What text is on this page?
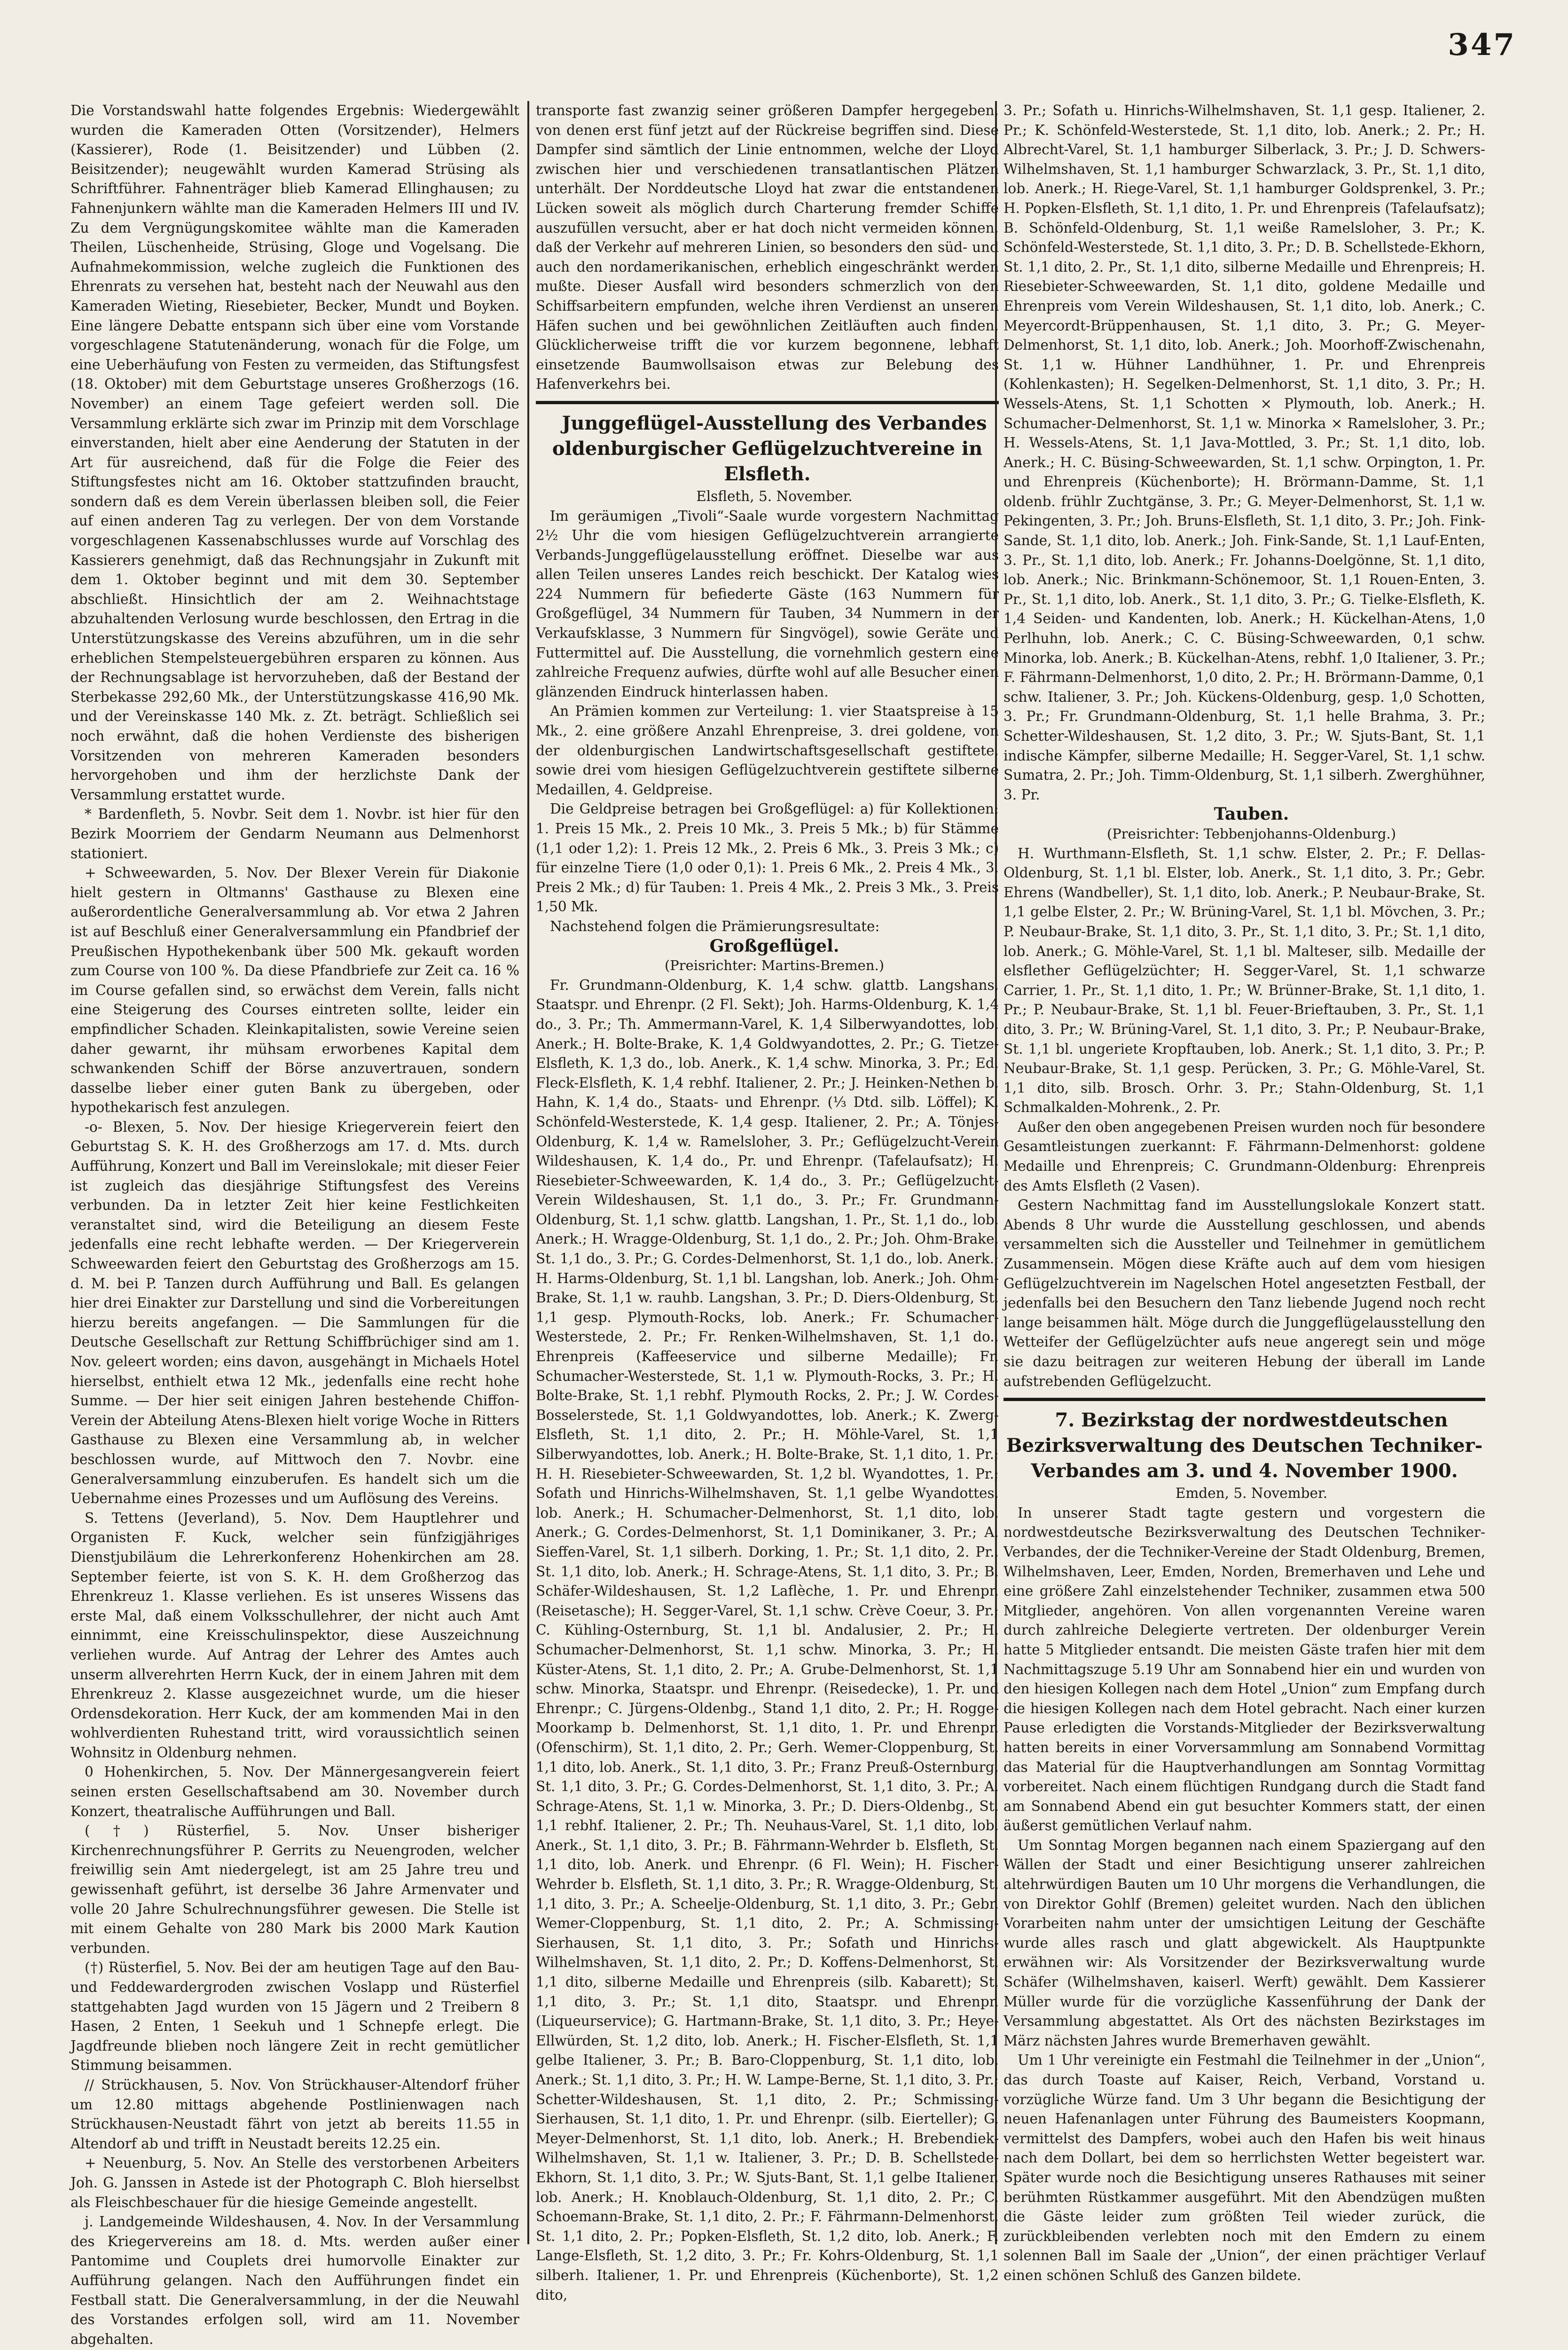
347

Die Vorstandswahl hatte folgendes Ergebnis: Wiedergewählt wurden die Kameraden Otten (Vorsitzender), Helmers (Kassierer), Rode (1. Beisitzender) und Lübben (2. Beisitzender); neugewählt wurden Kamerad Strüsing als Schriftführer. Fahnenträger blieb Kamerad Ellinghausen; zu Fahnenjunkern wählte man die Kameraden Helmers III und IV. Zu dem Vergnügungskomitee wählte man die Kameraden Theilen, Lüschenheide, Strüsing, Gloge und Vogelsang. Die Aufnahmekommission, welche zugleich die Funktionen des Ehrenrats zu versehen hat, besteht nach der Neuwahl aus den Kameraden Wieting, Riesebieter, Becker, Mundt und Boyken. Eine längere Debatte entspann sich über eine vom Vorstande vorgeschlagene Statutenänderung, wonach für die Folge, um eine Ueberhäufung von Festen zu vermeiden, das Stiftungsfest (18. Oktober) mit dem Geburtstage unseres Großherzogs (16. November) an einem Tage gefeiert werden soll. Die Versammlung erklärte sich zwar im Prinzip mit dem Vorschlage einverstanden, hielt aber eine Aenderung der Statuten in der Art für ausreichend, daß für die Folge die Feier des Stiftungsfestes nicht am 16. Oktober stattzufinden braucht, sondern daß es dem Verein überlassen bleiben soll, die Feier auf einen anderen Tag zu verlegen. Der von dem Vorstande vorgeschlagenen Kassenabschlusses wurde auf Vorschlag des Kassierers genehmigt, daß das Rechnungsjahr in Zukunft mit dem 1. Oktober beginnt und mit dem 30. September abschließt. Hinsichtlich der am 2. Weihnachtstage abzuhaltenden Verlosung wurde beschlossen, den Ertrag in die Unterstützungskasse des Vereins abzuführen, um in die sehr erheblichen Stempelsteuergebühren ersparen zu können. Aus der Rechnungsablage ist hervorzuheben, daß der Bestand der Sterbekasse 292,60 Mk., der Unterstützungskasse 416,90 Mk. und der Vereinskasse 140 Mk. z. Zt. beträgt. Schließlich sei noch erwähnt, daß die hohen Verdienste des bisherigen Vorsitzenden von mehreren Kameraden besonders hervorgehoben und ihm der herzlichste Dank der Versammlung erstattet wurde.

* Bardenfleth, 5. Novbr. Seit dem 1. Novbr. ist hier für den Bezirk Moorriem der Gendarm Neumann aus Delmenhorst stationiert.

+ Schweewarden, 5. Nov. Der Blexer Verein für Diakonie hielt gestern in Oltmanns' Gasthause zu Blexen eine außerordentliche Generalversammlung ab. Vor etwa 2 Jahren ist auf Beschluß einer Generalversammlung ein Pfandbrief der Preußischen Hypothekenbank über 500 Mk. gekauft worden zum Course von 100 %. Da diese Pfandbriefe zur Zeit ca. 16 % im Course gefallen sind, so erwächst dem Verein, falls nicht eine Steigerung des Courses eintreten sollte, leider ein empfindlicher Schaden. Kleinkapitalisten, sowie Vereine seien daher gewarnt, ihr mühsam erworbenes Kapital dem schwankenden Schiff der Börse anzuvertrauen, sondern dasselbe lieber einer guten Bank zu übergeben, oder hypothekarisch fest anzulegen.

-o- Blexen, 5. Nov. Der hiesige Kriegerverein feiert den Geburtstag S. K. H. des Großherzogs am 17. d. Mts. durch Aufführung, Konzert und Ball im Vereinslokale; mit dieser Feier ist zugleich das diesjährige Stiftungsfest des Vereins verbunden. Da in letzter Zeit hier keine Festlichkeiten veranstaltet sind, wird die Beteiligung an diesem Feste jedenfalls eine recht lebhafte werden. — Der Kriegerverein Schweewarden feiert den Geburtstag des Großherzogs am 15. d. M. bei P. Tanzen durch Aufführung und Ball. Es gelangen hier drei Einakter zur Darstellung und sind die Vorbereitungen hierzu bereits angefangen. — Die Sammlungen für die Deutsche Gesellschaft zur Rettung Schiffbrüchiger sind am 1. Nov. geleert worden; eins davon, ausgehängt in Michaels Hotel hierselbst, enthielt etwa 12 Mk., jedenfalls eine recht hohe Summe. — Der hier seit einigen Jahren bestehende Chiffon-Verein der Abteilung Atens-Blexen hielt vorige Woche in Ritters Gasthause zu Blexen eine Versammlung ab, in welcher beschlossen wurde, auf Mittwoch den 7. Novbr. eine Generalversammlung einzuberufen. Es handelt sich um die Uebernahme eines Prozesses und um Auflösung des Vereins.

S. Tettens (Jeverland), 5. Nov. Dem Hauptlehrer und Organisten F. Kuck, welcher sein fünfzigjähriges Dienstjubiläum die Lehrerkonferenz Hohenkirchen am 28. September feierte, ist von S. K. H. dem Großherzog das Ehrenkreuz 1. Klasse verliehen. Es ist unseres Wissens das erste Mal, daß einem Volksschullehrer, der nicht auch Amt einnimmt, eine Kreisschulinspektor, diese Auszeichnung verliehen wurde. Auf Antrag der Lehrer des Amtes auch unserm allverehrten Herrn Kuck, der in einem Jahren mit dem Ehrenkreuz 2. Klasse ausgezeichnet wurde, um die hieser Ordensdekoration. Herr Kuck, der am kommenden Mai in den wohlverdienten Ruhestand tritt, wird voraussichtlich seinen Wohnsitz in Oldenburg nehmen.

0 Hohenkirchen, 5. Nov. Der Männergesangverein feiert seinen ersten Gesellschaftsabend am 30. November durch Konzert, theatralische Aufführungen und Ball.

(†) Rüsterfiel, 5. Nov. Unser bisheriger Kirchenrechnungsführer P. Gerrits zu Neuengroden, welcher freiwillig sein Amt niedergelegt, ist am 25 Jahre treu und gewissenhaft geführt, ist derselbe 36 Jahre Armenvater und volle 20 Jahre Schulrechnungsführer gewesen. Die Stelle ist mit einem Gehalte von 280 Mark bis 2000 Mark Kaution verbunden.

(†) Rüsterfiel, 5. Nov. Bei der am heutigen Tage auf den Bau- und Feddewardergroden zwischen Voslapp und Rüsterfiel stattgehabten Jagd wurden von 15 Jägern und 2 Treibern 8 Hasen, 2 Enten, 1 Seekuh und 1 Schnepfe erlegt. Die Jagdfreunde blieben noch längere Zeit in recht gemütlicher Stimmung beisammen.

// Strückhausen, 5. Nov. Von Strückhauser-Altendorf früher um 12.80 mittags abgehende Postlinienwagen nach Strückhausen-Neustadt fährt von jetzt ab bereits 11.55 in Altendorf ab und trifft in Neustadt bereits 12.25 ein.

+ Neuenburg, 5. Nov. An Stelle des verstorbenen Arbeiters Joh. G. Janssen in Astede ist der Photograph C. Bloh hierselbst als Fleischbeschauer für die hiesige Gemeinde angestellt.

j. Landgemeinde Wildeshausen, 4. Nov. In der Versammlung des Kriegervereins am 18. d. Mts. werden außer einer Pantomime und Couplets drei humorvolle Einakter zur Aufführung gelangen. Nach den Aufführungen findet ein Festball statt. Die Generalversammlung, in der die Neuwahl des Vorstandes erfolgen soll, wird am 11. November abgehalten.

transporte fast zwanzig seiner größeren Dampfer hergegeben, von denen erst fünf jetzt auf der Rückreise begriffen sind. Diese Dampfer sind sämtlich der Linie entnommen, welche der Lloyd zwischen hier und verschiedenen transatlantischen Plätzen unterhält. Der Norddeutsche Lloyd hat zwar die entstandenen Lücken soweit als möglich durch Charterung fremder Schiffe auszufüllen versucht, aber er hat doch nicht vermeiden können, daß der Verkehr auf mehreren Linien, so besonders den süd- und auch den nordamerikanischen, erheblich eingeschränkt werden mußte. Dieser Ausfall wird besonders schmerzlich von den Schiffsarbeitern empfunden, welche ihren Verdienst an unseren Häfen suchen und bei gewöhnlichen Zeitläuften auch finden. Glücklicherweise trifft die vor kurzem begonnene, lebhaft einsetzende Baumwollsaison etwas zur Belebung des Hafenverkehrs bei.

Junggeflügel-Ausstellung des Verbandes oldenburgischer Geflügelzuchtvereine in Elsfleth.

Elsfleth, 5. November.

Im geräumigen „Tivoli“-Saale wurde vorgestern Nachmittag 2½ Uhr die vom hiesigen Geflügelzuchtverein arrangierte Verbands-Junggeflügelausstellung eröffnet. Dieselbe war aus allen Teilen unseres Landes reich beschickt. Der Katalog wies 224 Nummern für befiederte Gäste (163 Nummern für Großgeflügel, 34 Nummern für Tauben, 34 Nummern in der Verkaufsklasse, 3 Nummern für Singvögel), sowie Geräte und Futtermittel auf. Die Ausstellung, die vornehmlich gestern eine zahlreiche Frequenz aufwies, dürfte wohl auf alle Besucher einen glänzenden Eindruck hinterlassen haben.

An Prämien kommen zur Verteilung: 1. vier Staatspreise à 15 Mk., 2. eine größere Anzahl Ehrenpreise, 3. drei goldene, von der oldenburgischen Landwirtschaftsgesellschaft gestiftete, sowie drei vom hiesigen Geflügelzuchtverein gestiftete silberne Medaillen, 4. Geldpreise.

Die Geldpreise betragen bei Großgeflügel: a) für Kollektionen: 1. Preis 15 Mk., 2. Preis 10 Mk., 3. Preis 5 Mk.; b) für Stämme (1,1 oder 1,2): 1. Preis 12 Mk., 2. Preis 6 Mk., 3. Preis 3 Mk.; c) für einzelne Tiere (1,0 oder 0,1): 1. Preis 6 Mk., 2. Preis 4 Mk., 3. Preis 2 Mk.; d) für Tauben: 1. Preis 4 Mk., 2. Preis 3 Mk., 3. Preis 1,50 Mk.

Nachstehend folgen die Prämierungsresultate:

Großgeflügel.

(Preisrichter: Martins-Bremen.)

Fr. Grundmann-Oldenburg, K. 1,4 schw. glattb. Langshans, Staatspr. und Ehrenpr. (2 Fl. Sekt); Joh. Harms-Oldenburg, K. 1,4 do., 3. Pr.; Th. Ammermann-Varel, K. 1,4 Silberwyandottes, lob. Anerk.; H. Bolte-Brake, K. 1,4 Goldwyandottes, 2. Pr.; G. Tietze-Elsfleth, K. 1,3 do., lob. Anerk., K. 1,4 schw. Minorka, 3. Pr.; Ed. Fleck-Elsfleth, K. 1,4 rebhf. Italiener, 2. Pr.; J. Heinken-Nethen b. Hahn, K. 1,4 do., Staats- und Ehrenpr. (⅓ Dtd. silb. Löffel); K. Schönfeld-Westerstede, K. 1,4 gesp. Italiener, 2. Pr.; A. Tönjes-Oldenburg, K. 1,4 w. Ramelsloher, 3. Pr.; Geflügelzucht-Verein Wildeshausen, K. 1,4 do., Pr. und Ehrenpr. (Tafelaufsatz); H. Riesebieter-Schweewarden, K. 1,4 do., 3. Pr.; Geflügelzucht-Verein Wildeshausen, St. 1,1 do., 3. Pr.; Fr. Grundmann-Oldenburg, St. 1,1 schw. glattb. Langshan, 1. Pr., St. 1,1 do., lob. Anerk.; H. Wragge-Oldenburg, St. 1,1 do., 2. Pr.; Joh. Ohm-Brake, St. 1,1 do., 3. Pr.; G. Cordes-Delmenhorst, St. 1,1 do., lob. Anerk.; H. Harms-Oldenburg, St. 1,1 bl. Langshan, lob. Anerk.; Joh. Ohm-Brake, St. 1,1 w. rauhb. Langshan, 3. Pr.; D. Diers-Oldenburg, St. 1,1 gesp. Plymouth-Rocks, lob. Anerk.; Fr. Schumacher-Westerstede, 2. Pr.; Fr. Renken-Wilhelmshaven, St. 1,1 do., Ehrenpreis (Kaffeeservice und silberne Medaille); Fr. Schumacher-Westerstede, St. 1,1 w. Plymouth-Rocks, 3. Pr.; H. Bolte-Brake, St. 1,1 rebhf. Plymouth Rocks, 2. Pr.; J. W. Cordes-Bosselerstede, St. 1,1 Goldwyandottes, lob. Anerk.; K. Zwerg-Elsfleth, St. 1,1 dito, 2. Pr.; H. Möhle-Varel, St. 1,1 Silberwyandottes, lob. Anerk.; H. Bolte-Brake, St. 1,1 dito, 1. Pr.; H. H. Riesebieter-Schweewarden, St. 1,2 bl. Wyandottes, 1. Pr.; Sofath und Hinrichs-Wilhelmshaven, St. 1,1 gelbe Wyandottes, lob. Anerk.; H. Schumacher-Delmenhorst, St. 1,1 dito, lob. Anerk.; G. Cordes-Delmenhorst, St. 1,1 Dominikaner, 3. Pr.; A. Sieffen-Varel, St. 1,1 silberh. Dorking, 1. Pr.; St. 1,1 dito, 2. Pr., St. 1,1 dito, lob. Anerk.; H. Schrage-Atens, St. 1,1 dito, 3. Pr.; B. Schäfer-Wildeshausen, St. 1,2 Laflèche, 1. Pr. und Ehrenpr. (Reisetasche); H. Segger-Varel, St. 1,1 schw. Crève Coeur, 3. Pr.; C. Kühling-Osternburg, St. 1,1 bl. Andalusier, 2. Pr.; H. Schumacher-Delmenhorst, St. 1,1 schw. Minorka, 3. Pr.; H. Küster-Atens, St. 1,1 dito, 2. Pr.; A. Grube-Delmenhorst, St. 1,1 schw. Minorka, Staatspr. und Ehrenpr. (Reisedecke), 1. Pr. und Ehrenpr.; C. Jürgens-Oldenbg., Stand 1,1 dito, 2. Pr.; H. Rogge-Moorkamp b. Delmenhorst, St. 1,1 dito, 1. Pr. und Ehrenpr. (Ofenschirm), St. 1,1 dito, 2. Pr.; Gerh. Wemer-Cloppenburg, St. 1,1 dito, lob. Anerk., St. 1,1 dito, 3. Pr.; Franz Preuß-Osternburg, St. 1,1 dito, 3. Pr.; G. Cordes-Delmenhorst, St. 1,1 dito, 3. Pr.; A. Schrage-Atens, St. 1,1 w. Minorka, 3. Pr.; D. Diers-Oldenbg., St. 1,1 rebhf. Italiener, 2. Pr.; Th. Neuhaus-Varel, St. 1,1 dito, lob. Anerk., St. 1,1 dito, 3. Pr.; B. Fährmann-Wehrder b. Elsfleth, St. 1,1 dito, lob. Anerk. und Ehrenpr. (6 Fl. Wein); H. Fischer-Wehrder b. Elsfleth, St. 1,1 dito, 3. Pr.; R. Wragge-Oldenburg, St. 1,1 dito, 3. Pr.; A. Scheelje-Oldenburg, St. 1,1 dito, 3. Pr.; Gebr. Wemer-Cloppenburg, St. 1,1 dito, 2. Pr.; A. Schmissing-Sierhausen, St. 1,1 dito, 3. Pr.; Sofath und Hinrichs-Wilhelmshaven, St. 1,1 dito, 2. Pr.; D. Koffens-Delmenhorst, St. 1,1 dito, silberne Medaille und Ehrenpreis (silb. Kabarett); St. 1,1 dito, 3. Pr.; St. 1,1 dito, Staatspr. und Ehrenpr. (Liqueurservice); G. Hartmann-Brake, St. 1,1 dito, 3. Pr.; Heye-Ellwürden, St. 1,2 dito, lob. Anerk.; H. Fischer-Elsfleth, St. 1,1 gelbe Italiener, 3. Pr.; B. Baro-Cloppenburg, St. 1,1 dito, lob. Anerk.; St. 1,1 dito, 3. Pr.; H. W. Lampe-Berne, St. 1,1 dito, 3. Pr.; Schetter-Wildeshausen, St. 1,1 dito, 2. Pr.; Schmissing-Sierhausen, St. 1,1 dito, 1. Pr. und Ehrenpr. (silb. Eierteller); G. Meyer-Delmenhorst, St. 1,1 dito, lob. Anerk.; H. Brebendiek-Wilhelmshaven, St. 1,1 w. Italiener, 3. Pr.; D. B. Schellstede-Ekhorn, St. 1,1 dito, 3. Pr.; W. Sjuts-Bant, St. 1,1 gelbe Italiener, lob. Anerk.; H. Knoblauch-Oldenburg, St. 1,1 dito, 2. Pr.; C. Schoemann-Brake, St. 1,1 dito, 2. Pr.; F. Fährmann-Delmenhorst, St. 1,1 dito, 2. Pr.; Popken-Elsfleth, St. 1,2 dito, lob. Anerk.; F. Lange-Elsfleth, St. 1,2 dito, 3. Pr.; Fr. Kohrs-Oldenburg, St. 1,1 silberh. Italiener, 1. Pr. und Ehrenpreis (Küchenborte), St. 1,2 dito,

3. Pr.; Sofath u. Hinrichs-Wilhelmshaven, St. 1,1 gesp. Italiener, 2. Pr.; K. Schönfeld-Westerstede, St. 1,1 dito, lob. Anerk.; 2. Pr.; H. Albrecht-Varel, St. 1,1 hamburger Silberlack, 3. Pr.; J. D. Schwers-Wilhelmshaven, St. 1,1 hamburger Schwarzlack, 3. Pr., St. 1,1 dito, lob. Anerk.; H. Riege-Varel, St. 1,1 hamburger Goldsprenkel, 3. Pr.; H. Popken-Elsfleth, St. 1,1 dito, 1. Pr. und Ehrenpreis (Tafelaufsatz); B. Schönfeld-Oldenburg, St. 1,1 weiße Ramelsloher, 3. Pr.; K. Schönfeld-Westerstede, St. 1,1 dito, 3. Pr.; D. B. Schellstede-Ekhorn, St. 1,1 dito, 2. Pr., St. 1,1 dito, silberne Medaille und Ehrenpreis; H. Riesebieter-Schweewarden, St. 1,1 dito, goldene Medaille und Ehrenpreis vom Verein Wildeshausen, St. 1,1 dito, lob. Anerk.; C. Meyercordt-Brüppenhausen, St. 1,1 dito, 3. Pr.; G. Meyer-Delmenhorst, St. 1,1 dito, lob. Anerk.; Joh. Moorhoff-Zwischenahn, St. 1,1 w. Hühner Landhühner, 1. Pr. und Ehrenpreis (Kohlenkasten); H. Segelken-Delmenhorst, St. 1,1 dito, 3. Pr.; H. Wessels-Atens, St. 1,1 Schotten × Plymouth, lob. Anerk.; H. Schumacher-Delmenhorst, St. 1,1 w. Minorka × Ramelsloher, 3. Pr.; H. Wessels-Atens, St. 1,1 Java-Mottled, 3. Pr.; St. 1,1 dito, lob. Anerk.; H. C. Büsing-Schweewarden, St. 1,1 schw. Orpington, 1. Pr. und Ehrenpreis (Küchenborte); H. Brörmann-Damme, St. 1,1 oldenb. frühlr Zuchtgänse, 3. Pr.; G. Meyer-Delmenhorst, St. 1,1 w. Pekingenten, 3. Pr.; Joh. Bruns-Elsfleth, St. 1,1 dito, 3. Pr.; Joh. Fink-Sande, St. 1,1 dito, lob. Anerk.; Joh. Fink-Sande, St. 1,1 Lauf-Enten, 3. Pr., St. 1,1 dito, lob. Anerk.; Fr. Johanns-Doelgönne, St. 1,1 dito, lob. Anerk.; Nic. Brinkmann-Schönemoor, St. 1,1 Rouen-Enten, 3. Pr., St. 1,1 dito, lob. Anerk., St. 1,1 dito, 3. Pr.; G. Tielke-Elsfleth, K. 1,4 Seiden- und Kandenten, lob. Anerk.; H. Kückelhan-Atens, 1,0 Perlhuhn, lob. Anerk.; C. C. Büsing-Schweewarden, 0,1 schw. Minorka, lob. Anerk.; B. Kückelhan-Atens, rebhf. 1,0 Italiener, 3. Pr.; F. Fährmann-Delmenhorst, 1,0 dito, 2. Pr.; H. Brörmann-Damme, 0,1 schw. Italiener, 3. Pr.; Joh. Kückens-Oldenburg, gesp. 1,0 Schotten, 3. Pr.; Fr. Grundmann-Oldenburg, St. 1,1 helle Brahma, 3. Pr.; Schetter-Wildeshausen, St. 1,2 dito, 3. Pr.; W. Sjuts-Bant, St. 1,1 indische Kämpfer, silberne Medaille; H. Segger-Varel, St. 1,1 schw. Sumatra, 2. Pr.; Joh. Timm-Oldenburg, St. 1,1 silberh. Zwerghühner, 3. Pr.

Tauben.

(Preisrichter: Tebbenjohanns-Oldenburg.)

H. Wurthmann-Elsfleth, St. 1,1 schw. Elster, 2. Pr.; F. Dellas-Oldenburg, St. 1,1 bl. Elster, lob. Anerk., St. 1,1 dito, 3. Pr.; Gebr. Ehrens (Wandbeller), St. 1,1 dito, lob. Anerk.; P. Neubaur-Brake, St. 1,1 gelbe Elster, 2. Pr.; W. Brüning-Varel, St. 1,1 bl. Mövchen, 3. Pr.; P. Neubaur-Brake, St. 1,1 dito, 3. Pr., St. 1,1 dito, 3. Pr.; St. 1,1 dito, lob. Anerk.; G. Möhle-Varel, St. 1,1 bl. Malteser, silb. Medaille der elsflether Geflügelzüchter; H. Segger-Varel, St. 1,1 schwarze Carrier, 1. Pr., St. 1,1 dito, 1. Pr.; W. Brünner-Brake, St. 1,1 dito, 1. Pr.; P. Neubaur-Brake, St. 1,1 bl. Feuer-Brieftauben, 3. Pr., St. 1,1 dito, 3. Pr.; W. Brüning-Varel, St. 1,1 dito, 3. Pr.; P. Neubaur-Brake, St. 1,1 bl. ungeriete Kropftauben, lob. Anerk.; St. 1,1 dito, 3. Pr.; P. Neubaur-Brake, St. 1,1 gesp. Perücken, 3. Pr.; G. Möhle-Varel, St. 1,1 dito, silb. Brosch. Orhr. 3. Pr.; Stahn-Oldenburg, St. 1,1 Schmalkalden-Mohrenk., 2. Pr.

Außer den oben angegebenen Preisen wurden noch für besondere Gesamtleistungen zuerkannt: F. Fährmann-Delmenhorst: goldene Medaille und Ehrenpreis; C. Grundmann-Oldenburg: Ehrenpreis des Amts Elsfleth (2 Vasen).

Gestern Nachmittag fand im Ausstellungslokale Konzert statt. Abends 8 Uhr wurde die Ausstellung geschlossen, und abends versammelten sich die Aussteller und Teilnehmer in gemütlichem Zusammensein. Mögen diese Kräfte auch auf dem vom hiesigen Geflügelzuchtverein im Nagelschen Hotel angesetzten Festball, der jedenfalls bei den Besuchern den Tanz liebende Jugend noch recht lange beisammen hält. Möge durch die Junggeflügelausstellung den Wetteifer der Geflügelzüchter aufs neue angeregt sein und möge sie dazu beitragen zur weiteren Hebung der überall im Lande aufstrebenden Geflügelzucht.

7. Bezirkstag der nordwestdeutschen Bezirksverwaltung des Deutschen Techniker-Verbandes am 3. und 4. November 1900.

Emden, 5. November.

In unserer Stadt tagte gestern und vorgestern die nordwestdeutsche Bezirksverwaltung des Deutschen Techniker-Verbandes, der die Techniker-Vereine der Stadt Oldenburg, Bremen, Wilhelmshaven, Leer, Emden, Norden, Bremerhaven und Lehe und eine größere Zahl einzelstehender Techniker, zusammen etwa 500 Mitglieder, angehören. Von allen vorgenannten Vereine waren durch zahlreiche Delegierte vertreten. Der oldenburger Verein hatte 5 Mitglieder entsandt. Die meisten Gäste trafen hier mit dem Nachmittagszuge 5.19 Uhr am Sonnabend hier ein und wurden von den hiesigen Kollegen nach dem Hotel „Union“ zum Empfang durch die hiesigen Kollegen nach dem Hotel gebracht. Nach einer kurzen Pause erledigten die Vorstands-Mitglieder der Bezirksverwaltung hatten bereits in einer Vorversammlung am Sonnabend Vormittag das Material für die Hauptverhandlungen am Sonntag Vormittag vorbereitet. Nach einem flüchtigen Rundgang durch die Stadt fand am Sonnabend Abend ein gut besuchter Kommers statt, der einen äußerst gemütlichen Verlauf nahm.

Um Sonntag Morgen begannen nach einem Spaziergang auf den Wällen der Stadt und einer Besichtigung unserer zahlreichen altehrwürdigen Bauten um 10 Uhr morgens die Verhandlungen, die von Direktor Gohlf (Bremen) geleitet wurden. Nach den üblichen Vorarbeiten nahm unter der umsichtigen Leitung der Geschäfte wurde alles rasch und glatt abgewickelt. Als Hauptpunkte erwähnen wir: Als Vorsitzender der Bezirksverwaltung wurde Schäfer (Wilhelmshaven, kaiserl. Werft) gewählt. Dem Kassierer Müller wurde für die vorzügliche Kassenführung der Dank der Versammlung abgestattet. Als Ort des nächsten Bezirkstages im März nächsten Jahres wurde Bremerhaven gewählt.

Um 1 Uhr vereinigte ein Festmahl die Teilnehmer in der „Union“, das durch Toaste auf Kaiser, Reich, Verband, Vorstand u. vorzügliche Würze fand. Um 3 Uhr begann die Besichtigung der neuen Hafenanlagen unter Führung des Baumeisters Koopmann, vermittelst des Dampfers, wobei auch den Hafen bis weit hinaus nach dem Dollart, bei dem so herrlichsten Wetter begeistert war. Später wurde noch die Besichtigung unseres Rathauses mit seiner berühmten Rüstkammer ausgeführt. Mit den Abendzügen mußten die Gäste leider zum größten Teil wieder zurück, die zurückbleibenden verlebten noch mit den Emdern zu einem solennen Ball im Saale der „Union“, der einen prächtiger Verlauf einen schönen Schluß des Ganzen bildete.
